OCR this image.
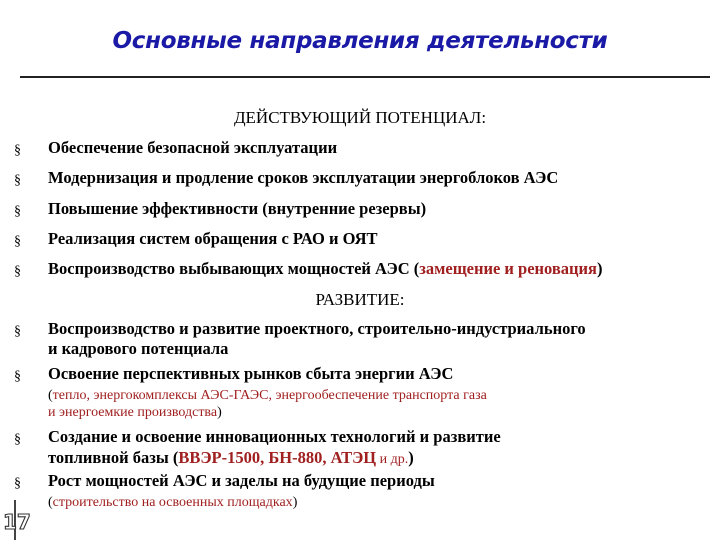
Основные направления деятельности
ДЕЙСТВУЮЩИЙ ПОТЕНЦИАЛ:
§ Обеспечение безопасной эксплуатации
§ Модернизация и продление сроков эксплуатации энергоблоков АЭС
§ Повышение эффективности (внутренние резервы)
§ Реализация систем обращения с РАО и ОЯТ
§ Воспроизводство выбывающих мощностей АЭС (замещение и реновация)
РАЗВИТИЕ:
§ Воспроизводство и развитие проектного, строительно-индустриального
и кадрового потенциала
§ Освоение перспективных рынков сбыта энергии АЭС
(тепло, энергокомплексы АЭС-ГАЭС, энергообеспечение транспорта газа
и энергоемкие производства)
§ Создание и освоение инновационных технологий и развитие
топливной базы (ВВЭР-1500, БН-880, АТЭЦ и др.)
§ Рост мощностей АЭС и заделы на будущие периоды
(строительство на освоенных площадках)
17
